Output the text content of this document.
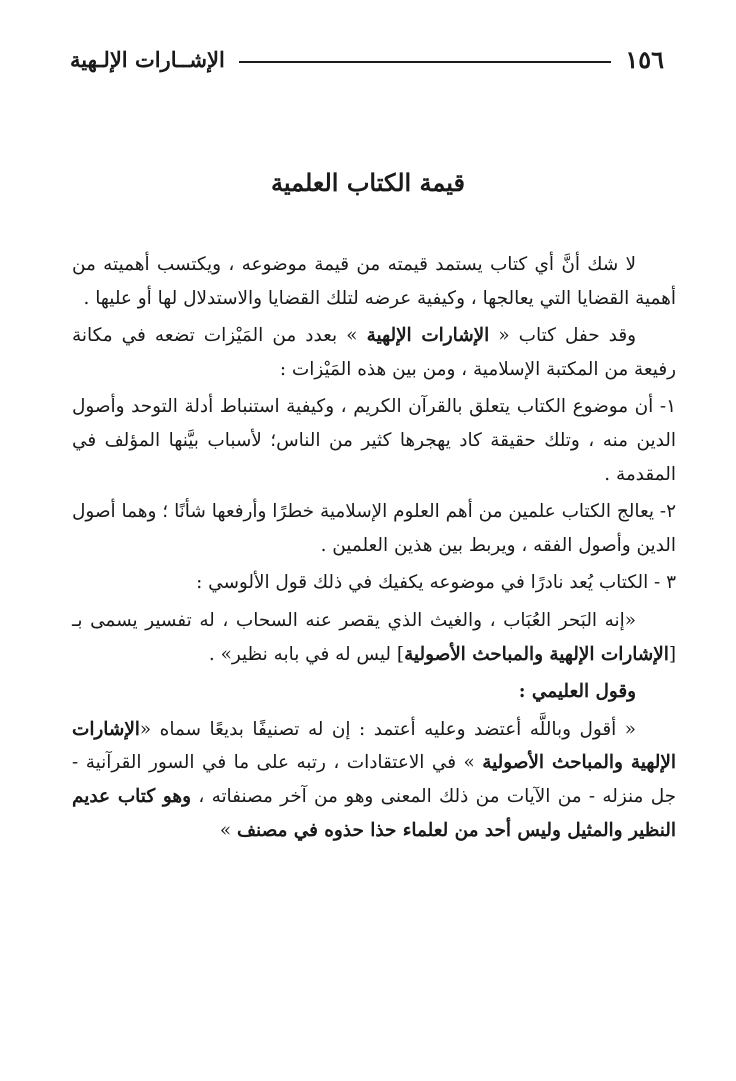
١٥٦
الإشــارات الإلـهية
قيمة الكتاب العلمية

لا شك أنَّ أي كتاب يستمد قيمته من قيمة موضوعه ، ويكتسب أهميته من أهمية القضايا التي يعالجها ، وكيفية عرضه لتلك القضايا والاستدلال لها أو عليها .

وقد حفل كتاب « الإشارات الإلهية » بعدد من المَيْزات تضعه في مكانة رفيعة من المكتبة الإسلامية ، ومن بين هذه المَيْزات :

١- أن موضوع الكتاب يتعلق بالقرآن الكريم ، وكيفية استنباط أدلة التوحد وأصول الدين منه ، وتلك حقيقة كاد يهجرها كثير من الناس؛ لأسباب بيَّنها المؤلف في المقدمة .

٢- يعالج الكتاب علمين من أهم العلوم الإسلامية خطرًا وأرفعها شأنًا ؛ وهما أصول الدين وأصول الفقه ، ويربط بين هذين العلمين .

٣ - الكتاب يُعد نادرًا في موضوعه يكفيك في ذلك قول الألوسي :

«إنه البَحر العُبَاب ، والغيث الذي يقصر عنه السحاب ، له تفسير يسمى بـ [الإشارات الإلهية والمباحث الأصولية] ليس له في بابه نظير» .

وقول العليمي :

« أقول وباللَّه أعتضد وعليه أعتمد : إن له تصنيفًا بديعًا سماه «الإشارات الإلهية والمباحث الأصولية » في الاعتقادات ، رتبه على ما في السور القرآنية - جل منزله - من الآيات من ذلك المعنى وهو من آخر مصنفاته ، وهو كتاب عديم النظير والمثيل وليس أحد من لعلماء حذا حذوه في مصنف »
